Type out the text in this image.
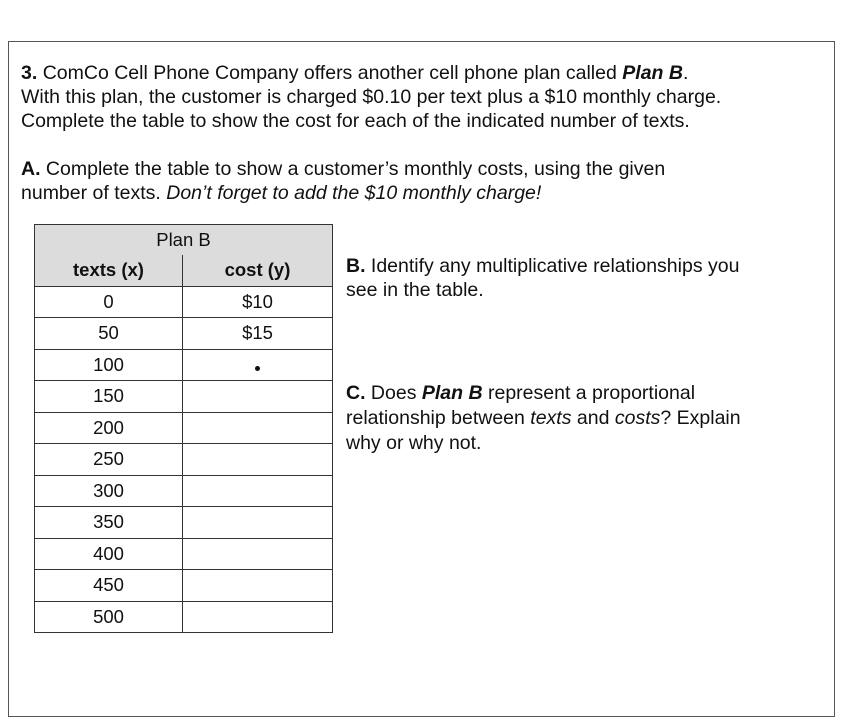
3. ComCo Cell Phone Company offers another cell phone plan called Plan B.
With this plan, the customer is charged $0.10 per text plus a $10 monthly charge.
Complete the table to show the cost for each of the indicated number of texts.
A. Complete the table to show a customer’s monthly costs, using the given
number of texts. Don’t forget to add the $10 monthly charge!
Plan B	
texts (x)	cost (y)
0	$10
50	$15
100	
150	
200	
250	
300	
350	
400	
450	
500	
B. Identify any multiplicative relationships you
see in the table.
C. Does Plan B represent a proportional
relationship between texts and costs? Explain
why or why not.
